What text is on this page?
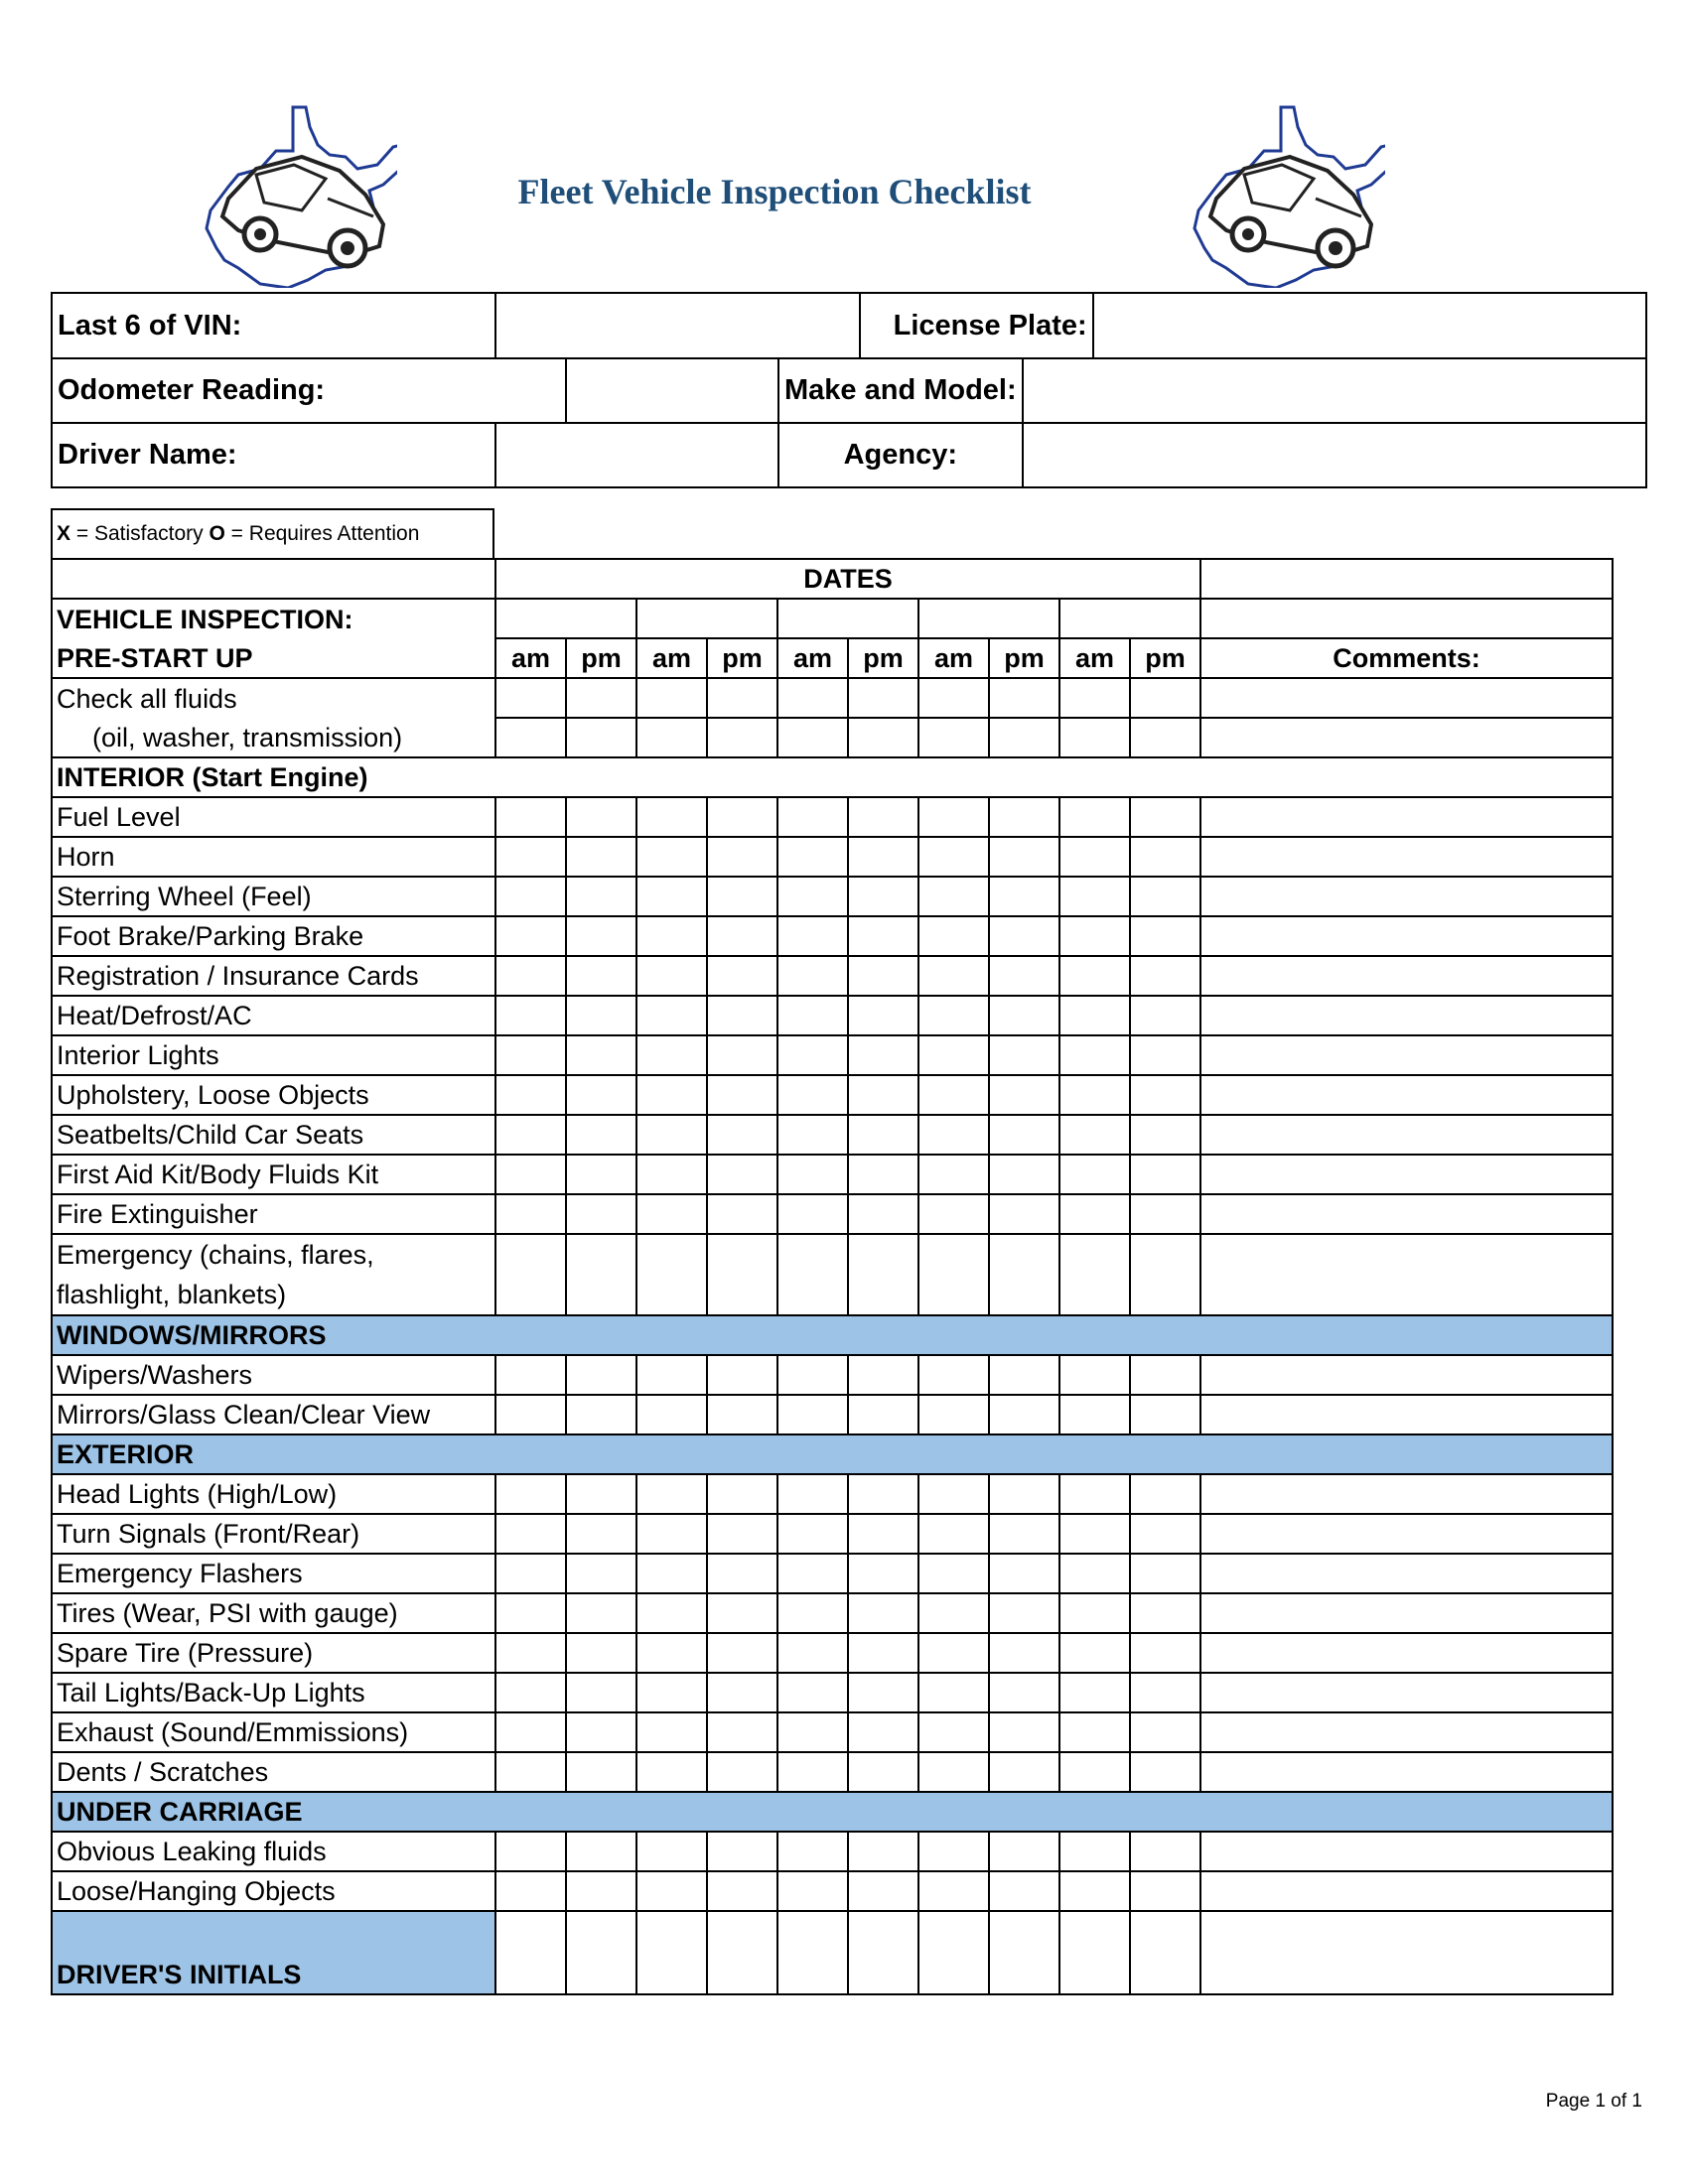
Fleet Vehicle Inspection Checklist
Last 6 of VIN:				License Plate:		
Odometer Reading:			Make and Model:			
Driver Name:			Agency:			
X = Satisfactory O = Requires Attention
	DATES										
VEHICLE INSPECTION:											
PRE-START UP	am	pm	am	pm	am	pm	am	pm	am	pm	Comments:
Check all fluids											
(oil, washer, transmission)											
INTERIOR (Start Engine)											
Fuel Level											
Horn											
Sterring Wheel (Feel)											
Foot Brake/Parking Brake											
Registration / Insurance Cards											
Heat/Defrost/AC											
Interior Lights											
Upholstery, Loose Objects											
Seatbelts/Child Car Seats											
First Aid Kit/Body Fluids Kit											
Fire Extinguisher											

Emergency (chains, flares,
flashlight, blankets)											

WINDOWS/MIRRORS											
Wipers/Washers											
Mirrors/Glass Clean/Clear View											
EXTERIOR											
Head Lights (High/Low)											
Turn Signals (Front/Rear)											
Emergency Flashers											
Tires (Wear, PSI with gauge)											
Spare Tire (Pressure)											
Tail Lights/Back-Up Lights											
Exhaust (Sound/Emmissions)											
Dents / Scratches											
UNDER CARRIAGE											
Obvious Leaking fluids											
Loose/Hanging Objects											
DRIVER'S INITIALS											
Page 1 of 1
